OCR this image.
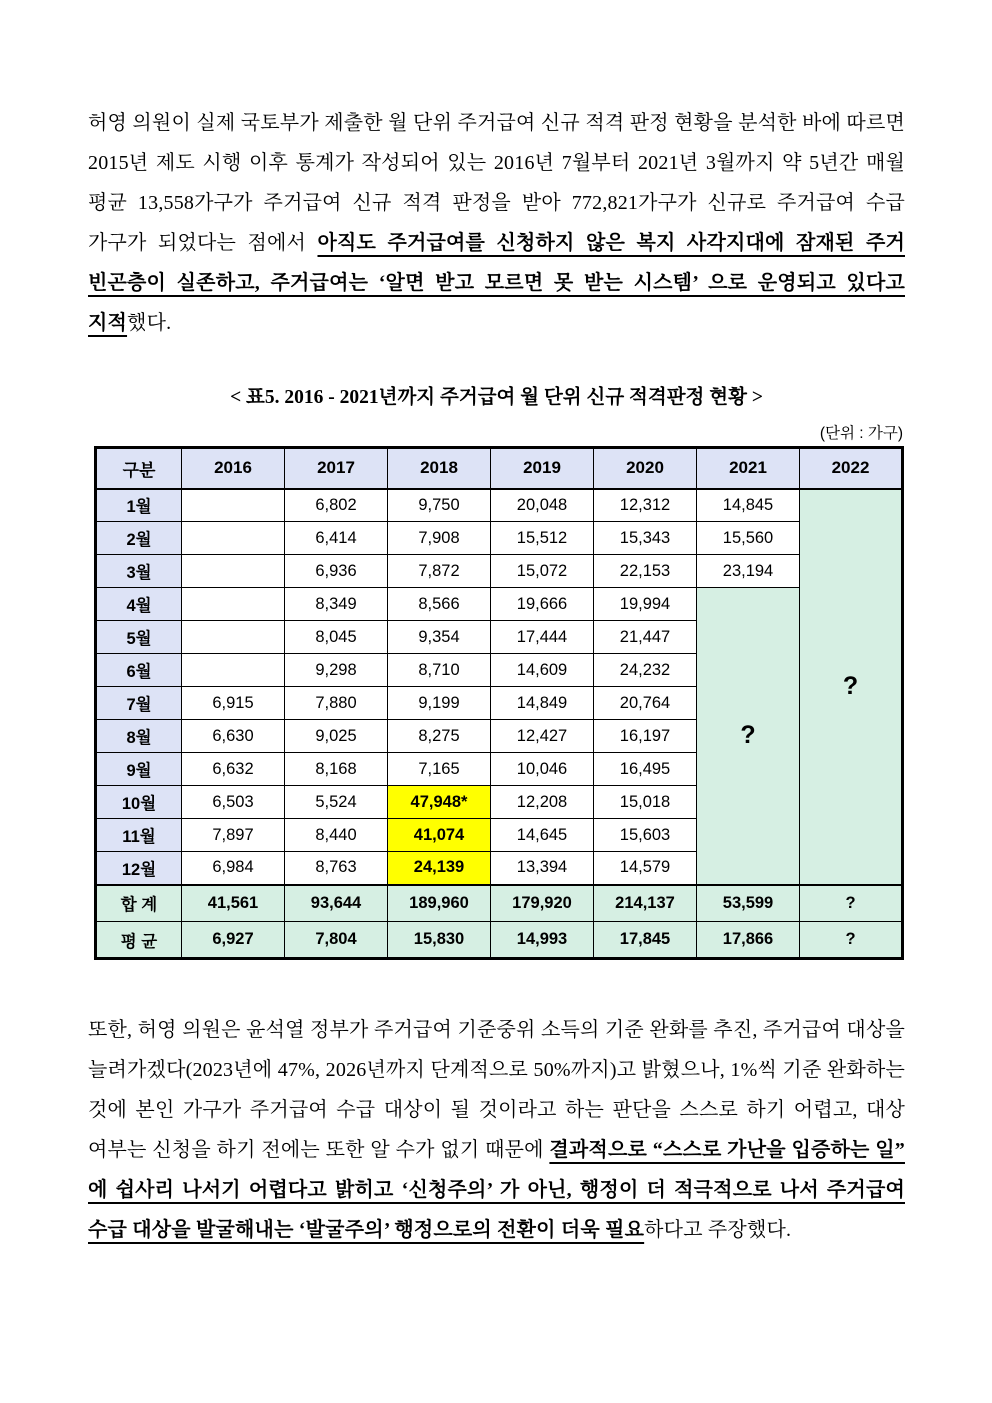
허영 의원이 실제 국토부가 제출한 월 단위 주거급여 신규 적격 판정 현황을 분석한 바에 따르면 2015년 제도 시행 이후 통계가 작성되어 있는 2016년 7월부터 2021년 3월까지 약 5년간 매월 평균 13,558가구가 주거급여 신규 적격 판정을 받아 772,821가구가 신규로 주거급여 수급 가구가 되었다는 점에서 아직도 주거급여를 신청하지 않은 복지 사각지대에 잠재된 주거 빈곤층이 실존하고, 주거급여는 ‘알면 받고 모르면 못 받는 시스템’ 으로 운영되고 있다고 지적했다.

< 표5. 2016 - 2021년까지 주거급여 월 단위 신규 적격판정 현황 >
(단위 : 가구)
구분	2016	2017	2018	2019	2020	2021	2022
1월		6,802	9,750	20,048	12,312	14,845	?
2월		6,414	7,908	15,512	15,343	15,560	
3월		6,936	7,872	15,072	22,153	23,194	
4월		8,349	8,566	19,666	19,994	?	
5월		8,045	9,354	17,444	21,447		
6월		9,298	8,710	14,609	24,232		
7월	6,915	7,880	9,199	14,849	20,764		
8월	6,630	9,025	8,275	12,427	16,197		
9월	6,632	8,168	7,165	10,046	16,495		
10월	6,503	5,524	47,948*	12,208	15,018		
11월	7,897	8,440	41,074	14,645	15,603		
12월	6,984	8,763	24,139	13,394	14,579		
합 계	41,561	93,644	189,960	179,920	214,137	53,599	?
평 균	6,927	7,804	15,830	14,993	17,845	17,866	?

또한, 허영 의원은 윤석열 정부가 주거급여 기준중위 소득의 기준 완화를 추진, 주거급여 대상을 늘려가겠다(2023년에 47%, 2026년까지 단계적으로 50%까지)고 밝혔으나, 1%씩 기준 완화하는 것에 본인 가구가 주거급여 수급 대상이 될 것이라고 하는 판단을 스스로 하기 어렵고, 대상 여부는 신청을 하기 전에는 또한 알 수가 없기 때문에 결과적으로 “스스로 가난을 입증하는 일” 에 쉽사리 나서기 어렵다고 밝히고 ‘신청주의’ 가 아닌, 행정이 더 적극적으로 나서 주거급여 수급 대상을 발굴해내는 ‘발굴주의’ 행정으로의 전환이 더욱 필요하다고 주장했다.
